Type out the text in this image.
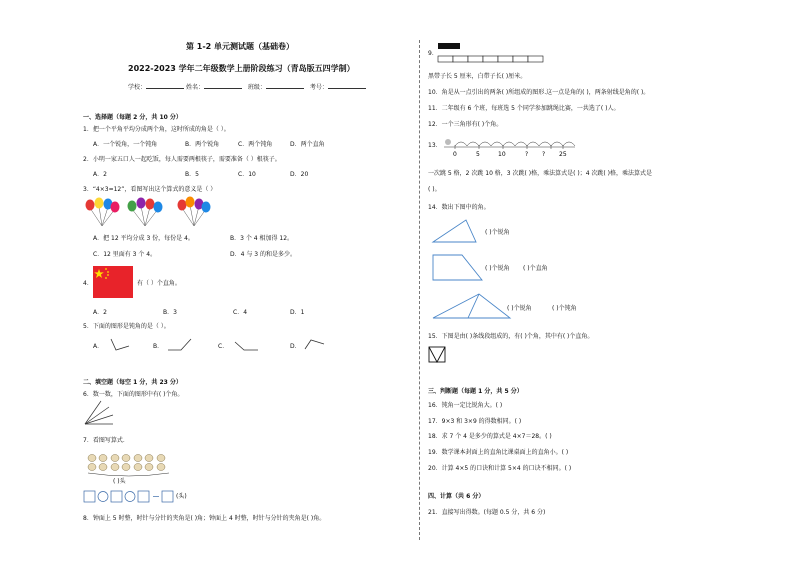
第 1-2 单元测试题（基础卷）
2022-2023 学年二年级数学上册阶段练习（青岛版五四学制）
学校：	姓名：	班级：	考号：
一、选择题（每题 2 分，共 10 分）
1．把一个平角平均分成两个角，这时所成的角是（ ）。
A．一个锐角，一个钝角	B．两个锐角	C．两个钝角	D．两个直角
2．小明一家五口人一起吃饭，每人需要两根筷子，需要准备（ ）根筷子。
A．2	B．5	C．10	D．20
3．“4×3=12”，看图写出这个算式的意义是（ ）
A．把 12 平均分成 3 份，每份是 4。	B．3 个 4 相加得 12。
C．12 里面有 3 个 4。	D．4 与 3 的和是多少。
4．	有（ ）个直角。
A．2	B．3	C．4	D．1
5．下面的图形是钝角的是（ ）。
A．	B．	C．	D．
二、填空题（每空 1 分，共 23 分）
6．数一数，下面的图形中有( )个角。
7．看图写算式．
( )头
(头)
8．钟面上 5 时整，时针与分针的夹角是( )角；钟面上 4 时整，时针与分针的夹角是( )角。
9．
黑带子长 5 厘米，白带子长( )厘米。
10．角是从一点引出的两条( )所组成的图形.这一点是角的( )，两条射线是角的( )。
11．二年级有 6 个班，每班选 5 个同学参加跳绳比赛，一共选了( )人。
12．一个三角形有( )个角。
13．
0	5	10	? ? 25
一次跳 5 格，2 次跳 10 格，3 次跳( )格，乘法算式是( )；4 次跳( )格，乘法算式是
( )。
14．数出下图中的角。
( )个锐角
( )个锐角 ( )个直角
( )个锐角	( )个钝角
15．下图是由( )条线段组成的，有( )个角，其中有( )个直角。
三、判断题（每题 1 分，共 5 分）
16．钝角一定比锐角大。( )
17．9×3 和 3×9 的得数相同。( )
18．求 7 个 4 是多少的算式是 4×7＝28。( )
19．数学课本封面上的直角比课桌面上的直角小。( )
20．计算 4×5 的口诀和计算 5×4 的口诀不相同。( )
四、计算（共 6 分）
21．直接写出得数。(每题 0.5 分，共 6 分)
